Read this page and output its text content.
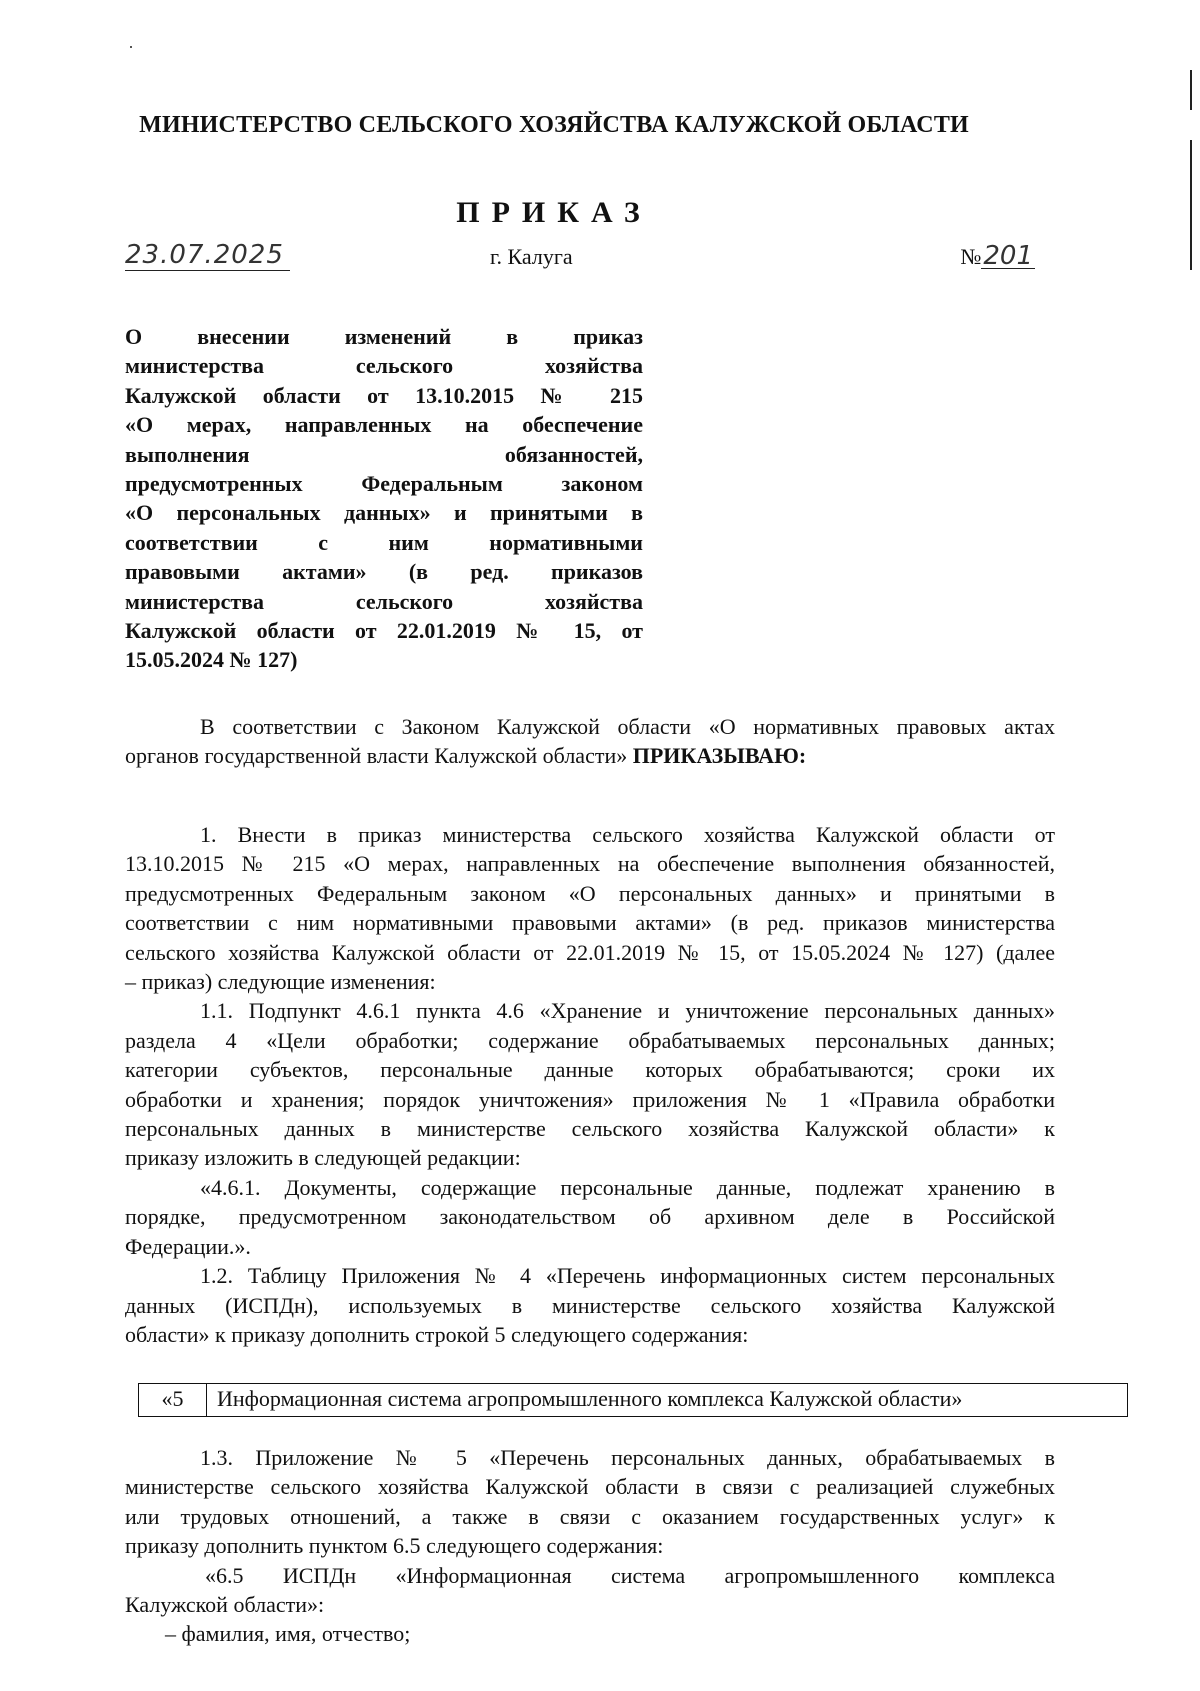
МИНИСТЕРСТВО СЕЛЬСКОГО ХОЗЯЙСТВА КАЛУЖСКОЙ ОБЛАСТИ
ПРИКАЗ
23.07.2025	г. Калуга	№201
О внесении изменений в приказ
министерства сельского хозяйства
Калужской области от 13.10.2015 № 215
«О мерах, направленных на обеспечение
выполнения обязанностей,
предусмотренных Федеральным законом
«О персональных данных» и принятыми в
соответствии с ним нормативными
правовыми актами» (в ред. приказов
министерства сельского хозяйства
Калужской области от 22.01.2019 № 15, от
15.05.2024 № 127)
В соответствии с Законом Калужской области «О нормативных правовых актах
органов государственной власти Калужской области» ПРИКАЗЫВАЮ:
1. Внести в приказ министерства сельского хозяйства Калужской области от
13.10.2015 № 215 «О мерах, направленных на обеспечение выполнения обязанностей,
предусмотренных Федеральным законом «О персональных данных» и принятыми в
соответствии с ним нормативными правовыми актами» (в ред. приказов министерства
сельского хозяйства Калужской области от 22.01.2019 № 15, от 15.05.2024 № 127) (далее
– приказ) следующие изменения:
1.1. Подпункт 4.6.1 пункта 4.6 «Хранение и уничтожение персональных данных»
раздела 4 «Цели обработки; содержание обрабатываемых персональных данных;
категории субъектов, персональные данные которых обрабатываются; сроки их
обработки и хранения; порядок уничтожения» приложения № 1 «Правила обработки
персональных данных в министерстве сельского хозяйства Калужской области» к
приказу изложить в следующей редакции:
«4.6.1. Документы, содержащие персональные данные, подлежат хранению в
порядке, предусмотренном законодательством об архивном деле в Российской
Федерации.».
1.2. Таблицу Приложения № 4 «Перечень информационных систем персональных
данных (ИСПДн), используемых в министерстве сельского хозяйства Калужской
области» к приказу дополнить строкой 5 следующего содержания:
«5	Информационная система агропромышленного комплекса Калужской области»
1.3. Приложение № 5 «Перечень персональных данных, обрабатываемых в
министерстве сельского хозяйства Калужской области в связи с реализацией служебных
или трудовых отношений, а также в связи с оказанием государственных услуг» к
приказу дополнить пунктом 6.5 следующего содержания:
«6.5 ИСПДн «Информационная система агропромышленного комплекса
Калужской области»:
– фамилия, имя, отчество;
